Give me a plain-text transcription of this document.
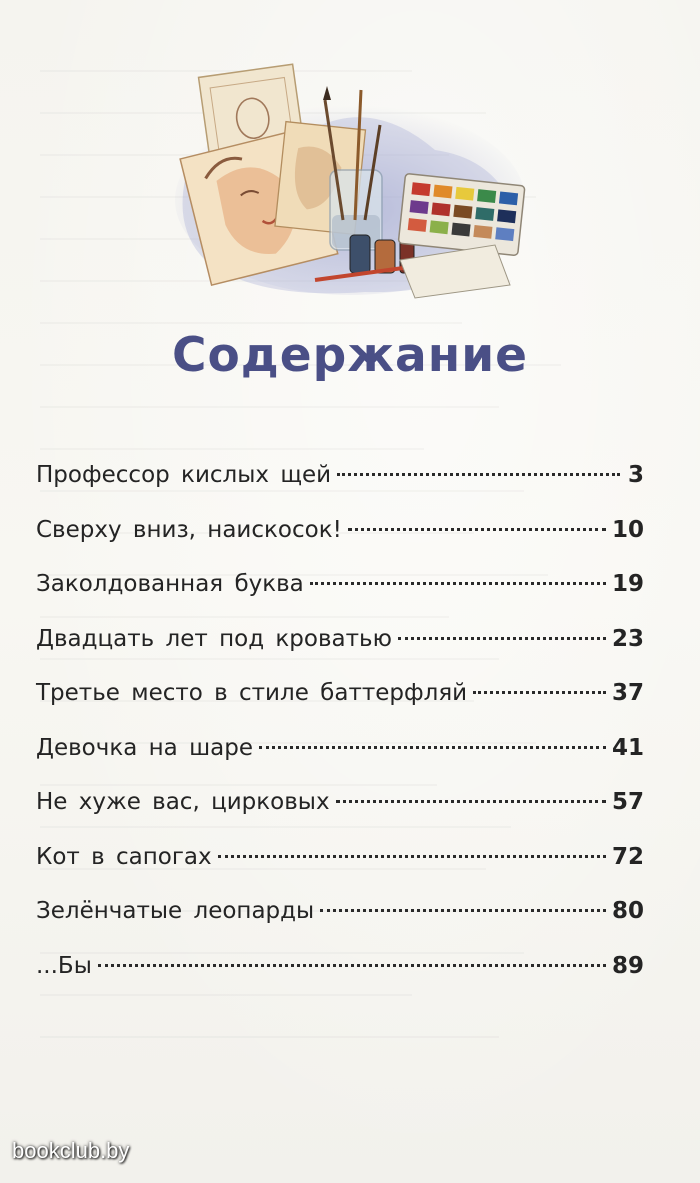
Содержание
Профессор кислых щей	3
Сверху вниз, наискосок!	10
Заколдованная буква	19
Двадцать лет под кроватью	23
Третье место в стиле баттерфляй	37
Девочка на шаре	41
Не хуже вас, цирковых	57
Кот в сапогах	72
Зелёнчатые леопарды	80
...Бы	89
bookclub.by
